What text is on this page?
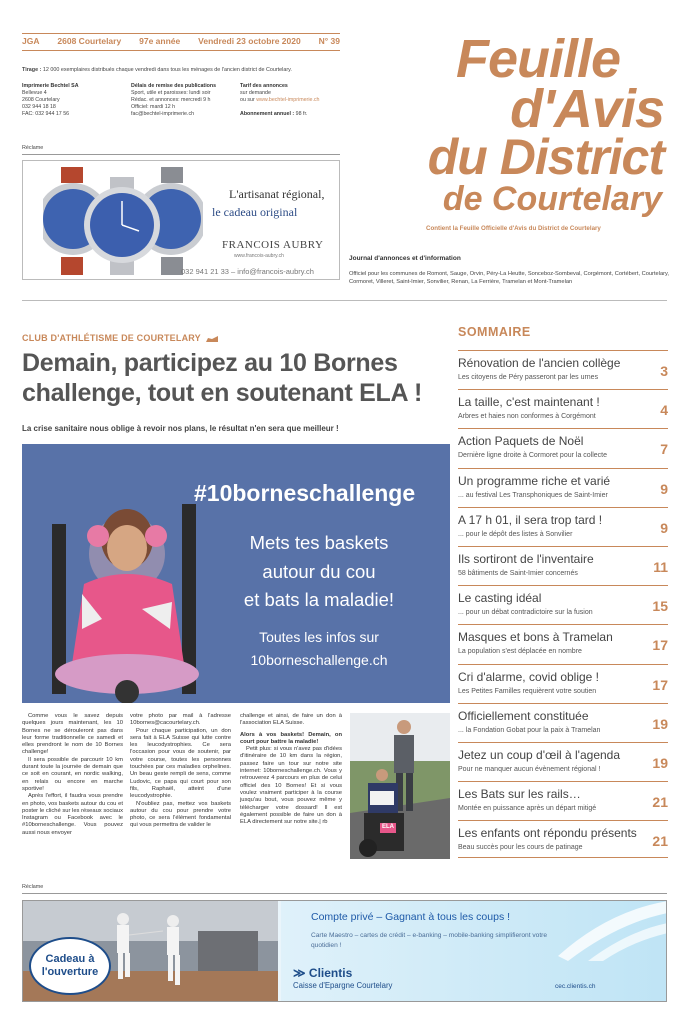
JGA 2608 Courtelary 97e année Vendredi 23 octobre 2020 N° 39
Tirage : 12 000 exemplaires distribués chaque vendredi dans tous les ménages de l'ancien district de Courtelary.
Imprimerie Bechtel SA
Bellevue 4
2608 Courtelary
032 944 18 18
FAC: 032 944 17 56
Délais de remise des publications
Sport, utile et paroisses: lundi soir
Rédac. et annonces: mercredi 9 h
Officiel: mardi 12 h
fac@bechtel-imprimerie.ch
Tarif des annonces
sur demande
ou sur www.bechtel-imprimerie.ch

Abonnement annuel : 98 fr.
Réclame
L'artisanat régional,
le cadeau original
FRANCOIS AUBRY
www.francois-aubry.ch
032 941 21 33 – info@francois-aubry.ch
Feuille
d'Avis
du District
de Courtelary
Contient la Feuille Officielle d'Avis du District de Courtelary
Journal d'annonces et d'information
Officiel pour les communes de Romont, Sauge, Orvin, Péry-La Heutte, Sonceboz-Sombeval, Corgémont, Cortébert, Courtelary, Cormoret, Villeret, Saint-Imier, Sonvilier, Renan, La Ferrière, Tramelan et Mont-Tramelan
CLUB D'ATHLÉTISME DE COURTELARY
Demain, participez au 10 Bornes challenge, tout en soutenant ELA !
La crise sanitaire nous oblige à revoir nos plans, le résultat n'en sera que meilleur !
#10borneschallenge
Mets tes baskets
autour du cou
et bats la maladie!
Toutes les infos sur
10borneschallenge.ch

Comme vous le savez depuis quelques jours maintenant, les 10 Bornes ne se dérouleront pas dans leur forme traditionnelle ce samedi et elles prendront le nom de 10 Bornes challenge!

Il sera possible de parcourir 10 km durant toute la journée de demain que ce soit en courant, en nordic walking, en relais ou encore en marche sportive!

Après l'effort, il faudra vous prendre en photo, vos baskets autour du cou et poster le cliché sur les réseaux sociaux Instagram ou Facebook avec le #10borneschallenge. Vous pouvez aussi nous envoyer

votre photo par mail à l'adresse 10bornes@cacourtelary.ch.

Pour chaque participation, un don sera fait à ELA Suisse qui lutte contre les leucodystrophies. Ce sera l'occasion pour vous de soutenir, par votre course, toutes les personnes touchées par ces maladies orphelines. Un beau geste rempli de sens, comme Ludovic, ce papa qui court pour son fils, Raphaël, atteint d'une leucodystrophie.

N'oubliez pas, mettez vos baskets autour du cou pour prendre votre photo, ce sera l'élément fondamental qui vous permettra de valider le

challenge et ainsi, de faire un don à l'association ELA Suisse.

Alors à vos baskets! Demain, on court pour battre la maladie!

Petit plus: si vous n'avez pas d'idées d'itinéraire de 10 km dans la région, passez faire un tour sur notre site internet: 10borneschallenge.ch. Vous y retrouverez 4 parcours en plus de celui officiel des 10 Bornes! Et si vous voulez vraiment participer à la course jusqu'au bout, vous pouvez même y télécharger votre dossard! Il est également possible de faire un don à ELA directement sur notre site.| rb

ELA
SOMMAIRE
Rénovation de l'ancien collège
Les citoyens de Péry passeront par les urnes	3
La taille, c'est maintenant !
Arbres et haies non conformes à Corgémont	4
Action Paquets de Noël
Dernière ligne droite à Cormoret pour la collecte	7
Un programme riche et varié
... au festival Les Transphoniques de Saint-Imier	9
A 17 h 01, il sera trop tard !
... pour le dépôt des listes à Sonvilier	9
Ils sortiront de l'inventaire
58 bâtiments de Saint-Imier concernés	11
Le casting idéal
... pour un débat contradictoire sur la fusion	15
Masques et bons à Tramelan
La population s'est déplacée en nombre	17
Cri d'alarme, covid oblige !
Les Petites Familles requièrent votre soutien	17
Officiellement constituée
... la Fondation Gobat pour la paix à Tramelan	19
Jetez un coup d'œil à l'agenda
Pour ne manquer aucun évènement régional !	19
Les Bats sur les rails…
Montée en puissance après un départ mitigé	21
Les enfants ont répondu présents
Beau succès pour les cours de patinage	21
Réclame
Cadeau à
l'ouverture
Compte privé – Gagnant à tous les coups !
Carte Maestro – cartes de crédit – e-banking – mobile-banking simplifieront votre quotidien !
≫ Clientis
Caisse d'Epargne Courtelary	cec.clientis.ch
